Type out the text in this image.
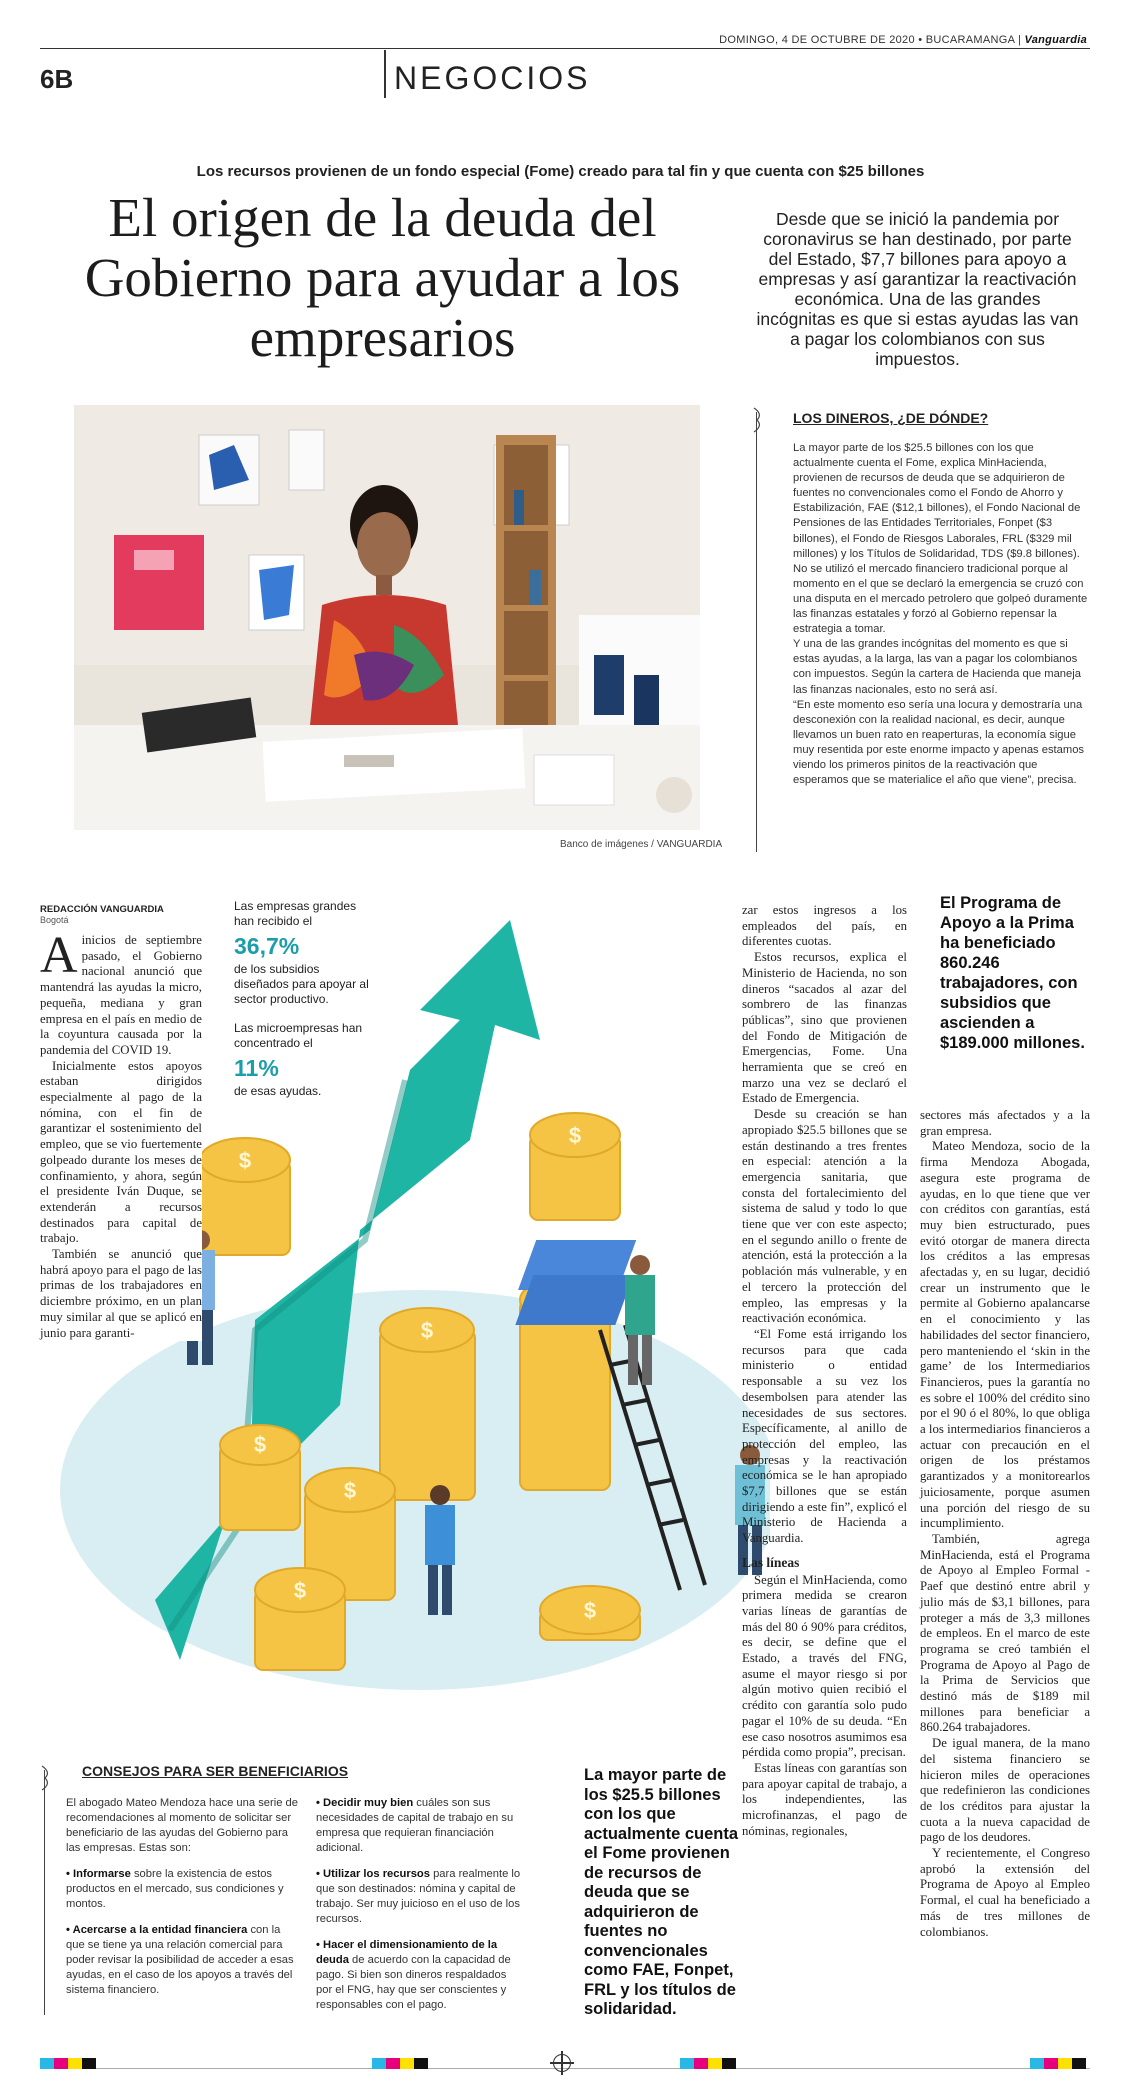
DOMINGO, 4 DE OCTUBRE DE 2020 • BUCARAMANGA | Vanguardia
6B	NEGOCIOS
Los recursos provienen de un fondo especial (Fome) creado para tal fin y que cuenta con $25 billones
El origen de la deuda del Gobierno para ayudar a los empresarios
Desde que se inició la pandemia por coronavirus se han destinado, por parte del Estado, $7,7 billones para apoyo a empresas y así garantizar la reactivación económica. Una de las grandes incógnitas es que si estas ayudas las van a pagar los colombianos con sus impuestos.
Banco de imágenes / VANGUARDIA
LOS DINEROS, ¿DE DÓNDE?

La mayor parte de los $25.5 billones con los que actualmente cuenta el Fome, explica MinHacienda, provienen de recursos de deuda que se adquirieron de fuentes no convencionales como el Fondo de Ahorro y Estabilización, FAE ($12,1 billones), el Fondo Nacional de Pensiones de las Entidades Territoriales, Fonpet ($3 billones), el Fondo de Riesgos Laborales, FRL ($329 mil millones) y los Títulos de Solidaridad, TDS ($9.8 billones).

No se utilizó el mercado financiero tradicional porque al momento en el que se declaró la emergencia se cruzó con una disputa en el mercado petrolero que golpeó duramente las finanzas estatales y forzó al Gobierno repensar la estrategia a tomar.

Y una de las grandes incógnitas del momento es que si estas ayudas, a la larga, las van a pagar los colombianos con impuestos. Según la cartera de Hacienda que maneja las finanzas nacionales, esto no será así.

“En este momento eso sería una locura y demostraría una desconexión con la realidad nacional, es decir, aunque llevamos un buen rato en reaperturas, la economía sigue muy resentida por este enorme impacto y apenas estamos viendo los primeros pinitos de la reactivación que esperamos que se materialice el año que viene”, precisa.

$
$
$
$
$
$
$
REDACCIÓN VANGUARDIA
Bogotá

Ainicios de septiembre pasado, el Gobierno nacional anunció que mantendrá las ayudas la micro, pequeña, mediana y gran empresa en el país en medio de la coyuntura causada por la pandemia del COVID 19.

Inicialmente estos apoyos estaban dirigidos especialmente al pago de la nómina, con el fin de garantizar el sostenimiento del empleo, que se vio fuertemente golpeado durante los meses de confinamiento, y ahora, según el presidente Iván Duque, se extenderán a recursos destinados para capital de trabajo.

También se anunció que habrá apoyo para el pago de las primas de los trabajadores en diciembre próximo, en un plan muy similar al que se aplicó en junio para garanti-

Las empresas grandes han recibido el
36,7%
de los subsidios diseñados para apoyar al sector productivo.
Las microempresas han concentrado el
11%
de esas ayudas.

zar estos ingresos a los empleados del país, en diferentes cuotas.

Estos recursos, explica el Ministerio de Hacienda, no son dineros “sacados al azar del sombrero de las finanzas públicas”, sino que provienen del Fondo de Mitigación de Emergencias, Fome. Una herramienta que se creó en marzo una vez se declaró el Estado de Emergencia.

Desde su creación se han apropiado $25.5 billones que se están destinando a tres frentes en especial: atención a la emergencia sanitaria, que consta del fortalecimiento del sistema de salud y todo lo que tiene que ver con este aspecto; en el segundo anillo o frente de atención, está la protección a la población más vulnerable, y en el tercero la protección del empleo, las empresas y la reactivación económica.

“El Fome está irrigando los recursos para que cada ministerio o entidad responsable a su vez los desembolsen para atender las necesidades de sus sectores. Específicamente, al anillo de protección del empleo, las empresas y la reactivación económica se le han apropiado $7,7 billones que se están dirigiendo a este fin”, explicó el Ministerio de Hacienda a Vanguardia.

Las líneas

Según el MinHacienda, como primera medida se crearon varias líneas de garantías de más del 80 ó 90% para créditos, es decir, se define que el Estado, a través del FNG, asume el mayor riesgo si por algún motivo quien recibió el crédito con garantía solo pudo pagar el 10% de su deuda. “En ese caso nosotros asumimos esa pérdida como propia”, precisan.

Estas líneas con garantías son para apoyar capital de trabajo, a los independientes, las microfinanzas, el pago de nóminas, regionales,

El Programa de Apoyo a la Prima ha beneficiado 860.246 trabajadores, con subsidios que ascienden a $189.000 millones.

sectores más afectados y a la gran empresa.

Mateo Mendoza, socio de la firma Mendoza Abogada, asegura este programa de ayudas, en lo que tiene que ver con créditos con garantías, está muy bien estructurado, pues evitó otorgar de manera directa los créditos a las empresas afectadas y, en su lugar, decidió crear un instrumento que le permite al Gobierno apalancarse en el conocimiento y las habilidades del sector financiero, pero manteniendo el ‘skin in the game’ de los Intermediarios Financieros, pues la garantía no es sobre el 100% del crédito sino por el 90 ó el 80%, lo que obliga a los intermediarios financieros a actuar con precaución en el origen de los préstamos garantizados y a monitorearlos juiciosamente, porque asumen una porción del riesgo de su incumplimiento.

También, agrega MinHacienda, está el Programa de Apoyo al Empleo Formal - Paef que destinó entre abril y julio más de $3,1 billones, para proteger a más de 3,3 millones de empleos. En el marco de este programa se creó también el Programa de Apoyo al Pago de la Prima de Servicios que destinó más de $189 mil millones para beneficiar a 860.264 trabajadores.

De igual manera, de la mano del sistema financiero se hicieron miles de operaciones que redefinieron las condiciones de los créditos para ajustar la cuota a la nueva capacidad de pago de los deudores.

Y recientemente, el Congreso aprobó la extensión del Programa de Apoyo al Empleo Formal, el cual ha beneficiado a más de tres millones de colombianos.

CONSEJOS PARA SER BENEFICIARIOS
El abogado Mateo Mendoza hace una serie de recomendaciones al momento de solicitar ser beneficiario de las ayudas del Gobierno para las empresas. Estas son:
• Informarse sobre la existencia de estos productos en el mercado, sus condiciones y montos.
• Acercarse a la entidad financiera con la que se tiene ya una relación comercial para poder revisar la posibilidad de acceder a esas ayudas, en el caso de los apoyos a través del sistema financiero.
• Decidir muy bien cuáles son sus necesidades de capital de trabajo en su empresa que requieran financiación adicional.
• Utilizar los recursos para realmente lo que son destinados: nómina y capital de trabajo. Ser muy juicioso en el uso de los recursos.
• Hacer el dimensionamiento de la deuda de acuerdo con la capacidad de pago. Si bien son dineros respaldados por el FNG, hay que ser conscientes y responsables con el pago.
La mayor parte de los $25.5 billones con los que actualmente cuenta el Fome provienen de recursos de deuda que se adquirieron de fuentes no convencionales como FAE, Fonpet, FRL y los títulos de solidaridad.
